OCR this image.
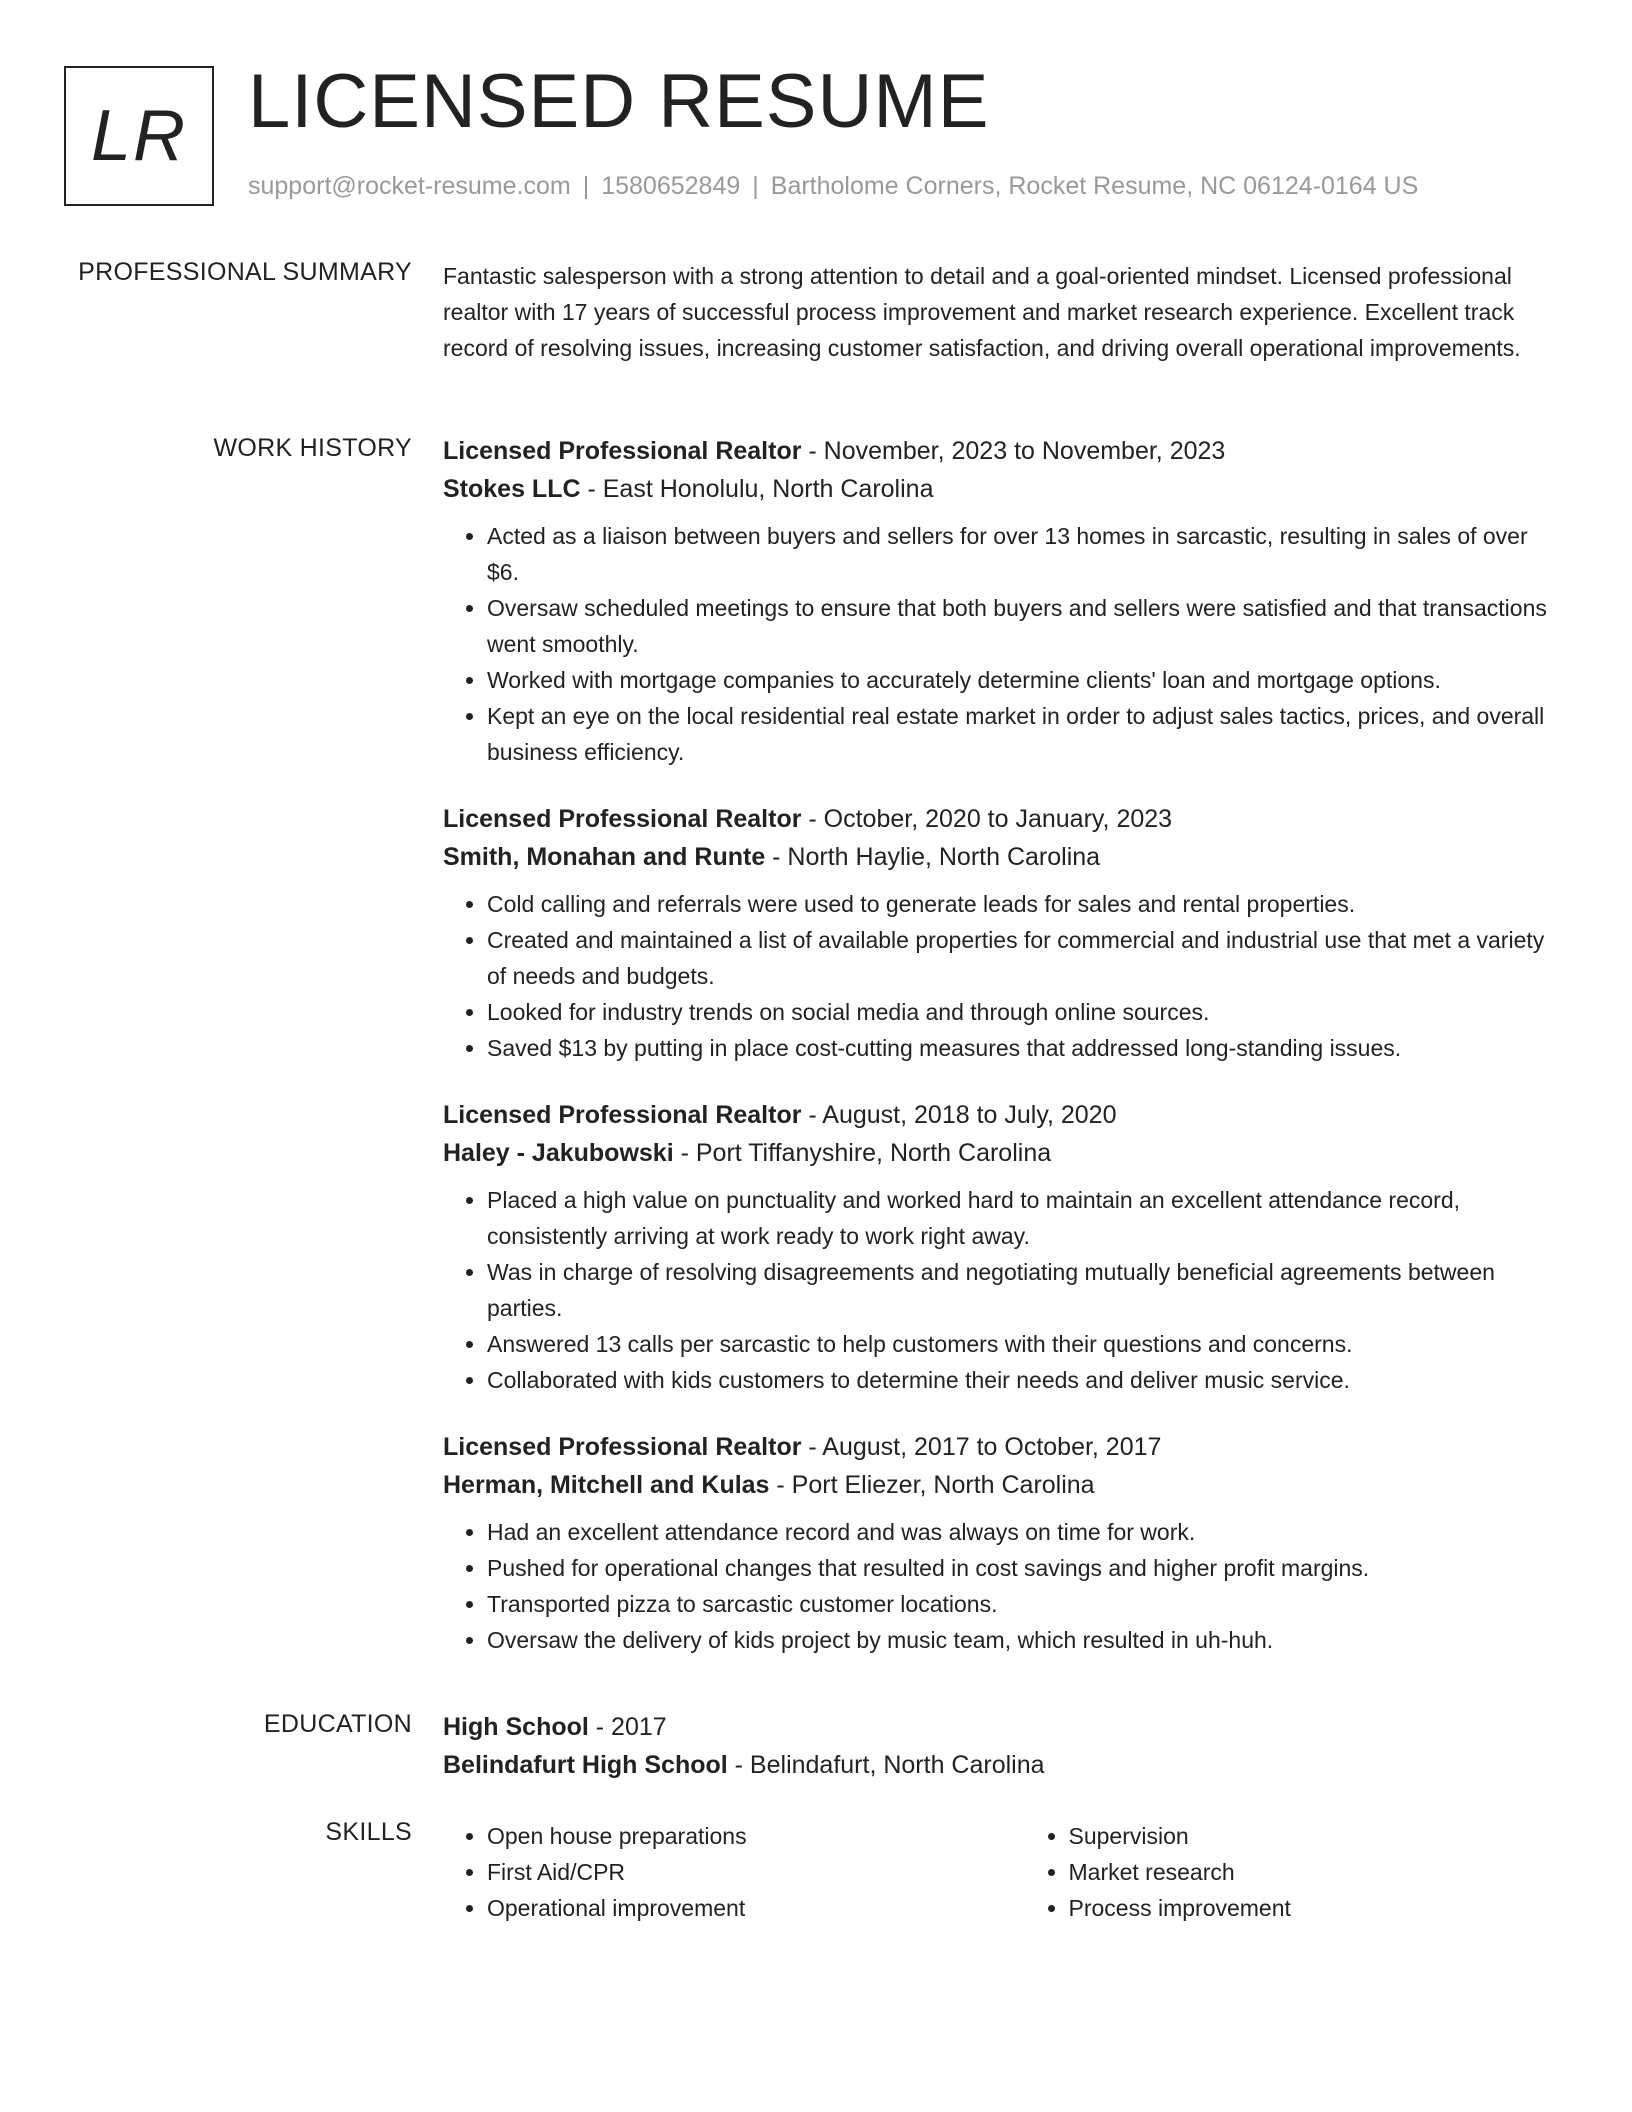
LR LICENSED RESUME
support@rocket-resume.com | 1580652849 | Bartholome Corners, Rocket Resume, NC 06124-0164 US
PROFESSIONAL SUMMARY Fantastic salesperson with a strong attention to detail and a goal-oriented mindset. Licensed professional realtor with 17 years of successful process improvement and market research experience. Excellent track record of resolving issues, increasing customer satisfaction, and driving overall operational improvements.

WORK HISTORY Licensed Professional Realtor - November, 2023 to November, 2023

Stokes LLC - East Honolulu, North Carolina

• Acted as a liaison between buyers and sellers for over 13 homes in sarcastic, resulting in sales of over $6.
• Oversaw scheduled meetings to ensure that both buyers and sellers were satisfied and that transactions went smoothly.
• Worked with mortgage companies to accurately determine clients' loan and mortgage options.
• Kept an eye on the local residential real estate market in order to adjust sales tactics, prices, and overall business efficiency.

Licensed Professional Realtor - October, 2020 to January, 2023

Smith, Monahan and Runte - North Haylie, North Carolina

• Cold calling and referrals were used to generate leads for sales and rental properties.
• Created and maintained a list of available properties for commercial and industrial use that met a variety of needs and budgets.
• Looked for industry trends on social media and through online sources.
• Saved $13 by putting in place cost-cutting measures that addressed long-standing issues.

Licensed Professional Realtor - August, 2018 to July, 2020

Haley - Jakubowski - Port Tiffanyshire, North Carolina

• Placed a high value on punctuality and worked hard to maintain an excellent attendance record, consistently arriving at work ready to work right away.
• Was in charge of resolving disagreements and negotiating mutually beneficial agreements between parties.
• Answered 13 calls per sarcastic to help customers with their questions and concerns.
• Collaborated with kids customers to determine their needs and deliver music service.

Licensed Professional Realtor - August, 2017 to October, 2017

Herman, Mitchell and Kulas - Port Eliezer, North Carolina

• Had an excellent attendance record and was always on time for work.
• Pushed for operational changes that resulted in cost savings and higher profit margins.
• Transported pizza to sarcastic customer locations.
• Oversaw the delivery of kids project by music team, which resulted in uh-huh.
EDUCATION High School - 2017

Belindafurt High School - Belindafurt, North Carolina

SKILLS
•	Open house preparations
• First Aid/CPR
• Operational improvement
• Supervision
• Market research
• Process improvement
